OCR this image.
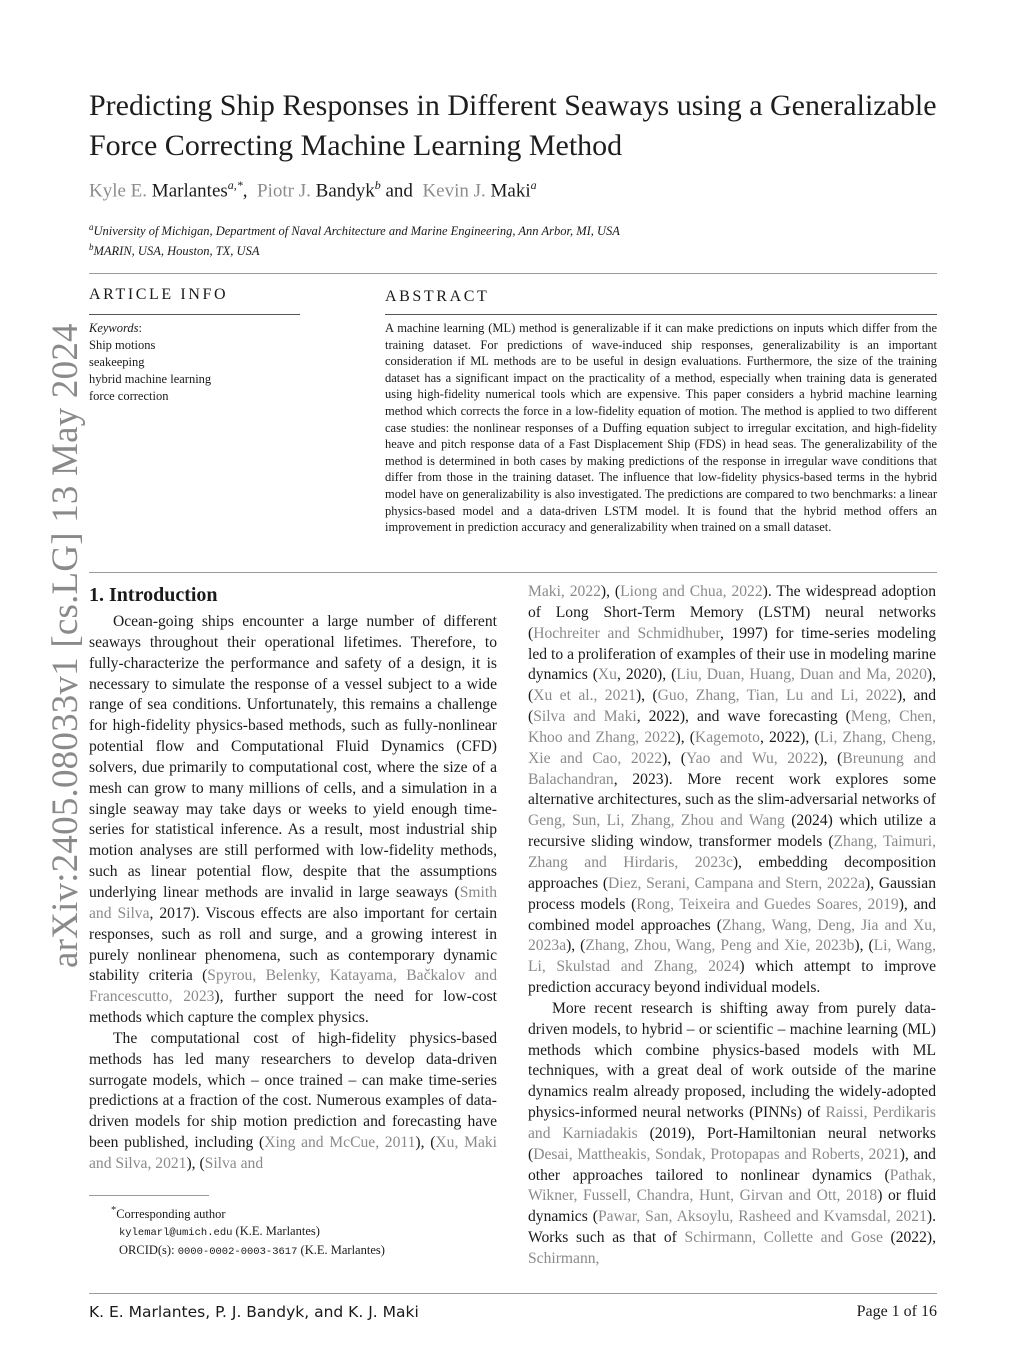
arXiv:2405.08033v1 [cs.LG] 13 May 2024
Predicting Ship Responses in Different Seaways using a Generalizable Force Correcting Machine Learning Method
Kyle E. Marlantes$^{a,*}$, Piotr J. Bandyk$^b$ and Kevin J. Maki$^a$
$^a$University of Michigan, Department of Naval Architecture and Marine Engineering, Ann Arbor, MI, USA
$^b$MARIN, USA, Houston, TX, USA
ARTICLE INFO	ABSTRACT
Keywords:
Ship motions
seakeeping
hybrid machine learning
force correction
A machine learning (ML) method is generalizable if it can make predictions on inputs which differ from the training dataset. For predictions of wave-induced ship responses, generalizability is an important consideration if ML methods are to be useful in design evaluations. Furthermore, the size of the training dataset has a significant impact on the practicality of a method, especially when training data is generated using high-fidelity numerical tools which are expensive. This paper considers a hybrid machine learning method which corrects the force in a low-fidelity equation of motion. The method is applied to two different case studies: the nonlinear responses of a Duffing equation subject to irregular excitation, and high-fidelity heave and pitch response data of a Fast Displacement Ship (FDS) in head seas. The generalizability of the method is determined in both cases by making predictions of the response in irregular wave conditions that differ from those in the training dataset. The influence that low-fidelity physics-based terms in the hybrid model have on generalizability is also investigated. The predictions are compared to two benchmarks: a linear physics-based model and a data-driven LSTM model. It is found that the hybrid method offers an improvement in prediction accuracy and generalizability when trained on a small dataset.
1. Introduction

Ocean-going ships encounter a large number of different seaways throughout their operational lifetimes. Therefore, to fully-characterize the performance and safety of a design, it is necessary to simulate the response of a vessel subject to a wide range of sea conditions. Unfortunately, this remains a challenge for high-fidelity physics-based methods, such as fully-nonlinear potential flow and Computational Fluid Dynamics (CFD) solvers, due primarily to computational cost, where the size of a mesh can grow to many millions of cells, and a simulation in a single seaway may take days or weeks to yield enough time-series for statistical inference. As a result, most industrial ship motion analyses are still performed with low-fidelity methods, such as linear potential flow, despite that the assumptions underlying linear methods are invalid in large seaways (Smith and Silva, 2017). Viscous effects are also important for certain responses, such as roll and surge, and a growing interest in purely nonlinear phenomena, such as contemporary dynamic stability criteria (Spyrou, Belenky, Katayama, Bačkalov and Francescutto, 2023), further support the need for low-cost methods which capture the complex physics.

The computational cost of high-fidelity physics-based methods has led many researchers to develop data-driven surrogate models, which – once trained – can make time-series predictions at a fraction of the cost. Numerous examples of data-driven models for ship motion prediction and forecasting have been published, including (Xing and McCue, 2011), (Xu, Maki and Silva, 2021), (Silva and

*Corresponding author
kylemarl@umich.edu (K.E. Marlantes)
ORCID(s): 0000-0002-0003-3617 (K.E. Marlantes)

Maki, 2022), (Liong and Chua, 2022). The widespread adoption of Long Short-Term Memory (LSTM) neural networks (Hochreiter and Schmidhuber, 1997) for time-series modeling led to a proliferation of examples of their use in modeling marine dynamics (Xu, 2020), (Liu, Duan, Huang, Duan and Ma, 2020), (Xu et al., 2021), (Guo, Zhang, Tian, Lu and Li, 2022), and (Silva and Maki, 2022), and wave forecasting (Meng, Chen, Khoo and Zhang, 2022), (Kagemoto, 2022), (Li, Zhang, Cheng, Xie and Cao, 2022), (Yao and Wu, 2022), (Breunung and Balachandran, 2023). More recent work explores some alternative architectures, such as the slim-adversarial networks of Geng, Sun, Li, Zhang, Zhou and Wang (2024) which utilize a recursive sliding window, transformer models (Zhang, Taimuri, Zhang and Hirdaris, 2023c), embedding decomposition approaches (Diez, Serani, Campana and Stern, 2022a), Gaussian process models (Rong, Teixeira and Guedes Soares, 2019), and combined model approaches (Zhang, Wang, Deng, Jia and Xu, 2023a), (Zhang, Zhou, Wang, Peng and Xie, 2023b), (Li, Wang, Li, Skulstad and Zhang, 2024) which attempt to improve prediction accuracy beyond individual models.

More recent research is shifting away from purely data-driven models, to hybrid – or scientific – machine learning (ML) methods which combine physics-based models with ML techniques, with a great deal of work outside of the marine dynamics realm already proposed, including the widely-adopted physics-informed neural networks (PINNs) of Raissi, Perdikaris and Karniadakis (2019), Port-Hamiltonian neural networks (Desai, Mattheakis, Sondak, Protopapas and Roberts, 2021), and other approaches tailored to nonlinear dynamics (Pathak, Wikner, Fussell, Chandra, Hunt, Girvan and Ott, 2018) or fluid dynamics (Pawar, San, Aksoylu, Rasheed and Kvamsdal, 2021). Works such as that of Schirmann, Collette and Gose (2022), Schirmann,

K. E. Marlantes, P. J. Bandyk, and K. J. Maki	Page 1 of 16
